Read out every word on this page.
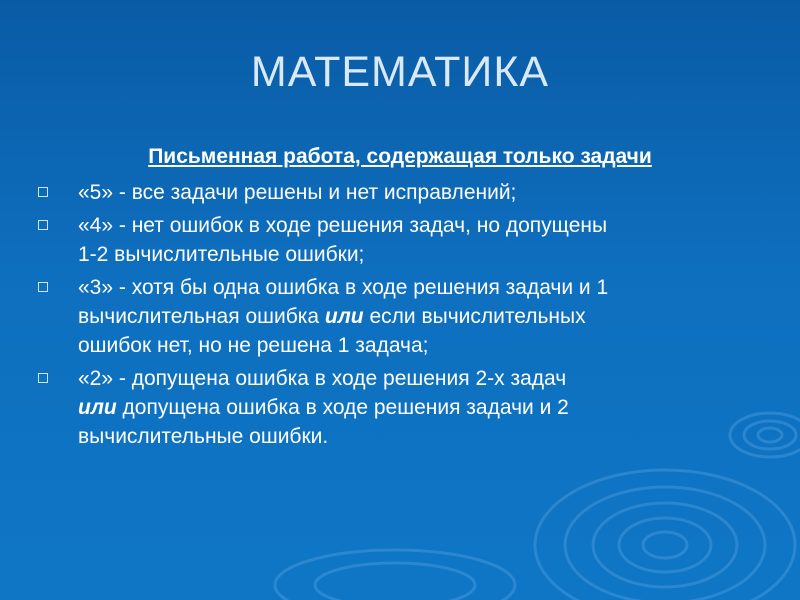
МАТЕМАТИКА
Письменная работа, содержащая только задачи
«5» - все задачи решены и нет исправлений;
«4» - нет ошибок в ходе решения задач, но допущены
1-2 вычислительные ошибки;
«3» - хотя бы одна ошибка в ходе решения задачи и 1
вычислительная ошибка или если вычислительных
ошибок нет, но не решена 1 задача;
«2» - допущена ошибка в ходе решения 2-х задач
или допущена ошибка в ходе решения задачи и 2
вычислительные ошибки.
